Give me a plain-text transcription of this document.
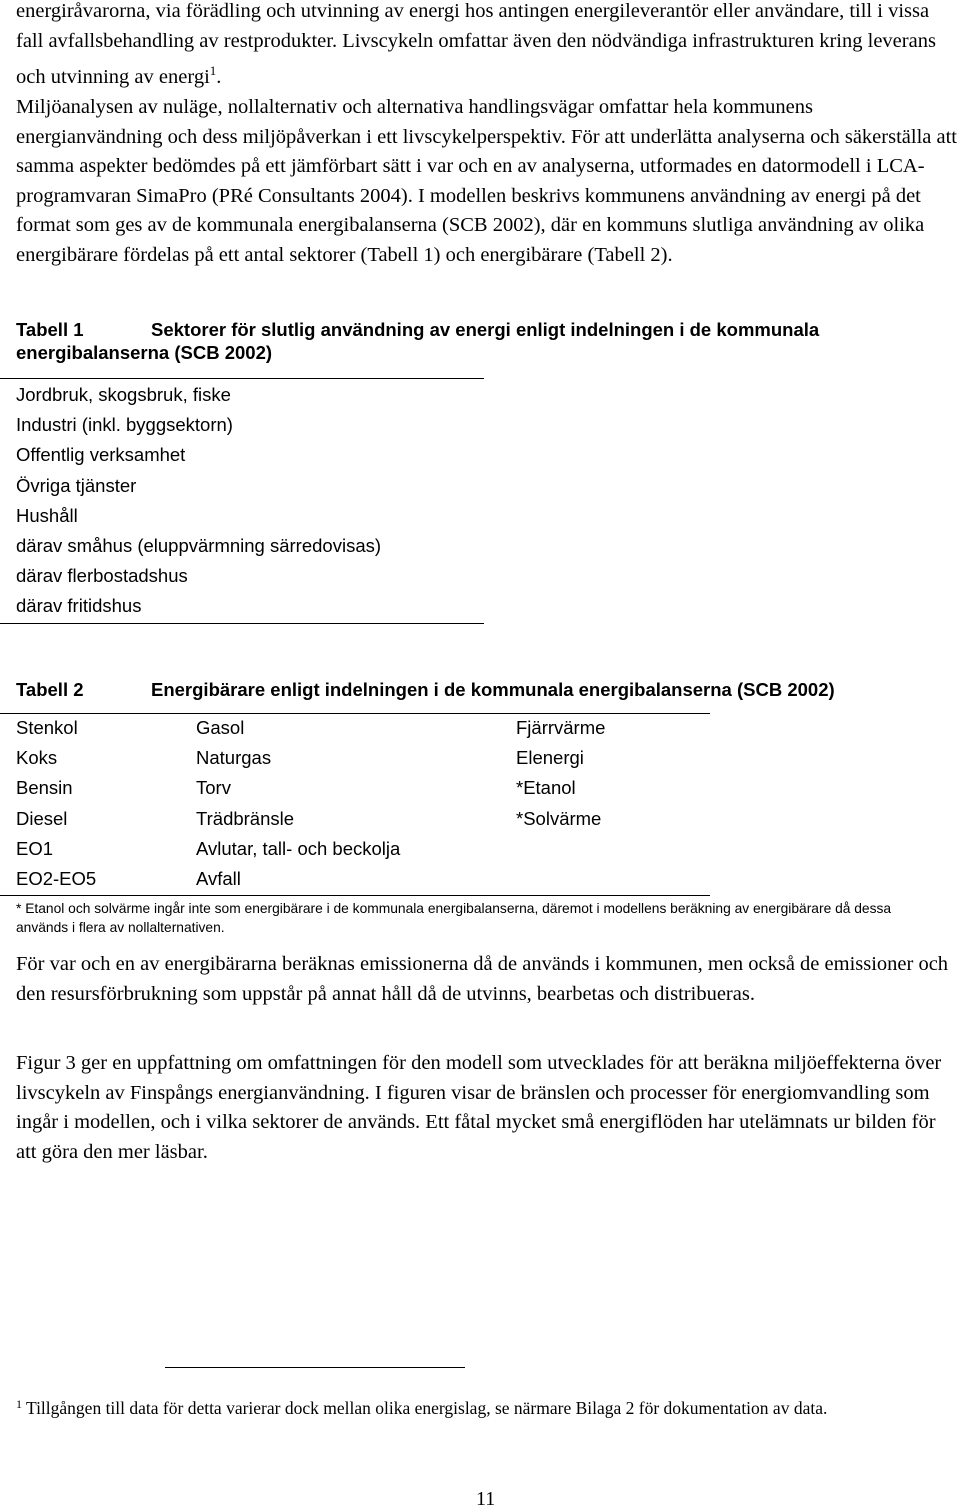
energiråvarorna, via förädling och utvinning av energi hos antingen energileverantör eller användare, till i vissa fall avfallsbehandling av restprodukter. Livscykeln omfattar även den nödvändiga infrastrukturen kring leverans och utvinning av energi$^1$.
Miljöanalysen av nuläge, nollalternativ och alternativa handlingsvägar omfattar hela kommunens energianvändning och dess miljöpåverkan i ett livscykelperspektiv. För att underlätta analyserna och säkerställa att samma aspekter bedömdes på ett jämförbart sätt i var och en av analyserna, utformades en datormodell i LCA-programvaran SimaPro (PRé Consultants 2004). I modellen beskrivs kommunens användning av energi på det format som ges av de kommunala energibalanserna (SCB 2002), där en kommuns slutliga användning av olika energibärare fördelas på ett antal sektorer (Tabell 1) och energibärare (Tabell 2).
Tabell 1	Sektorer för slutlig användning av energi enligt indelningen i de kommunala energibalanserna (SCB 2002)
Jordbruk, skogsbruk, fiske
Industri (inkl. byggsektorn)
Offentlig verksamhet
Övriga tjänster
Hushåll
därav småhus (eluppvärmning särredovisas)
därav flerbostadshus
därav fritidshus
Tabell 2	Energibärare enligt indelningen i de kommunala energibalanserna (SCB 2002)
Stenkol	Gasol	Fjärrvärme
Koks	Naturgas	Elenergi
Bensin	Torv	*Etanol
Diesel	Trädbränsle	*Solvärme
EO1	Avlutar, tall- och beckolja
EO2-EO5	Avfall
* Etanol och solvärme ingår inte som energibärare i de kommunala energibalanserna, däremot i modellens beräkning av energibärare då dessa används i flera av nollalternativen.
För var och en av energibärarna beräknas emissionerna då de används i kommunen, men också de emissioner och den resursförbrukning som uppstår på annat håll då de utvinns, bearbetas och distribueras.
Figur 3 ger en uppfattning om omfattningen för den modell som utvecklades för att beräkna miljöeffekterna över livscykeln av Finspångs energianvändning. I figuren visar de bränslen och processer för energiomvandling som ingår i modellen, och i vilka sektorer de används. Ett fåtal mycket små energiflöden har utelämnats ur bilden för att göra den mer läsbar.
$^1$ Tillgången till data för detta varierar dock mellan olika energislag, se närmare Bilaga 2 för dokumentation av data.
11
